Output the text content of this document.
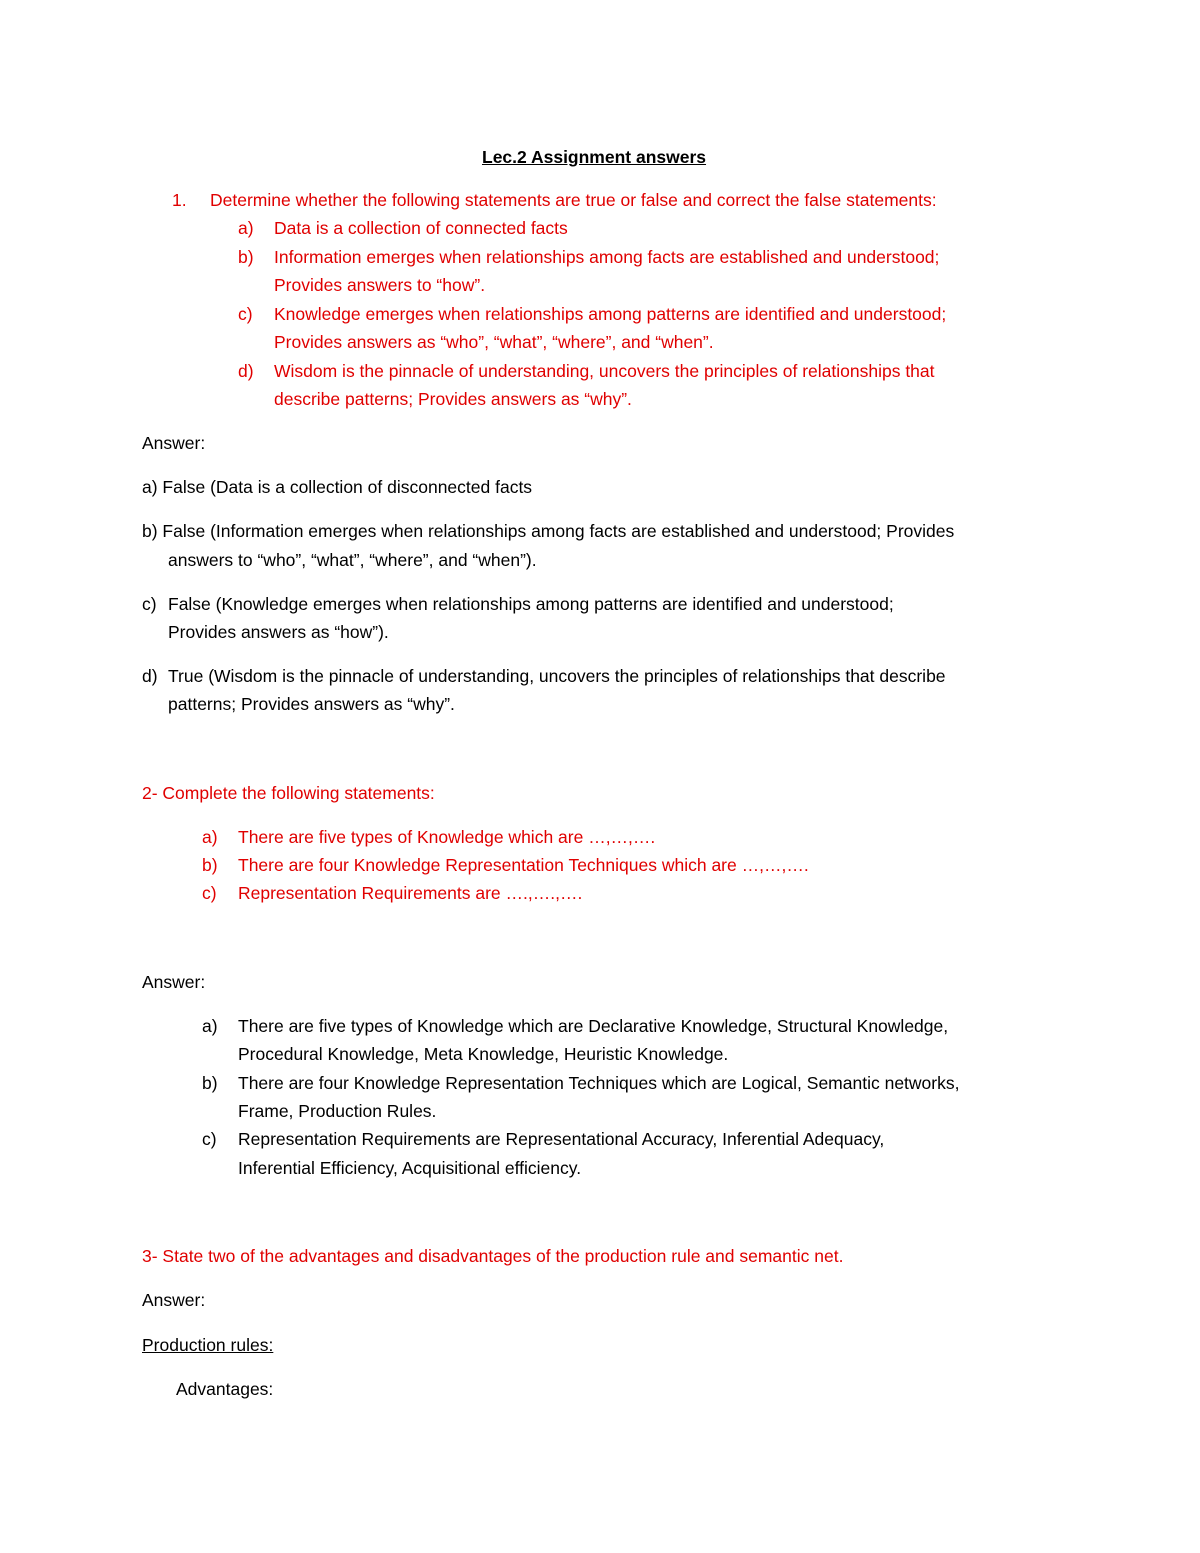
Lec.2 Assignment answers
1. Determine whether the following statements are true or false and correct the false statements:
a) Data is a collection of connected facts
b) Information emerges when relationships among facts are established and understood;
Provides answers to “how”.
c) Knowledge emerges when relationships among patterns are identified and understood;
Provides answers as “who”, “what”, “where”, and “when”.
d) Wisdom is the pinnacle of understanding, uncovers the principles of relationships that
describe patterns; Provides answers as “why”.
Answer:
a) False (Data is a collection of disconnected facts
b) False (Information emerges when relationships among facts are established and understood; Provides
answers to “who”, “what”, “where”, and “when”).
c) False (Knowledge emerges when relationships among patterns are identified and understood;
Provides answers as “how”).
d) True (Wisdom is the pinnacle of understanding, uncovers the principles of relationships that describe
patterns; Provides answers as “why”.
2- Complete the following statements:
a) There are five types of Knowledge which are …,…,….
b) There are four Knowledge Representation Techniques which are …,…,….
c) Representation Requirements are ….,….,….
Answer:
a) There are five types of Knowledge which are Declarative Knowledge, Structural Knowledge,
Procedural Knowledge, Meta Knowledge, Heuristic Knowledge.
b) There are four Knowledge Representation Techniques which are Logical, Semantic networks,
Frame, Production Rules.
c) Representation Requirements are Representational Accuracy, Inferential Adequacy,
Inferential Efficiency, Acquisitional efficiency.
3- State two of the advantages and disadvantages of the production rule and semantic net.
Answer:
Production rules:
Advantages:
